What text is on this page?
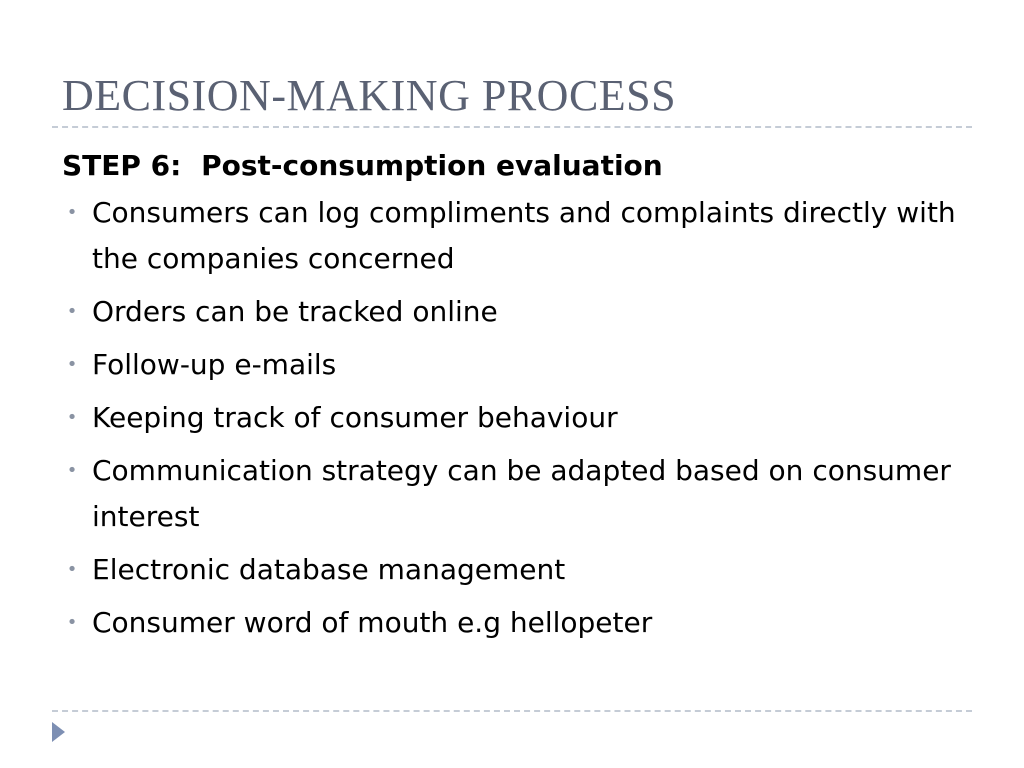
DECISION-MAKING PROCESS
STEP 6: Post-consumption evaluation
• Consumers can log compliments and complaints directly with the companies concerned
• Orders can be tracked online
• Follow-up e-mails
• Keeping track of consumer behaviour
• Communication strategy can be adapted based on consumer interest
• Electronic database management
• Consumer word of mouth e.g hellopeter
